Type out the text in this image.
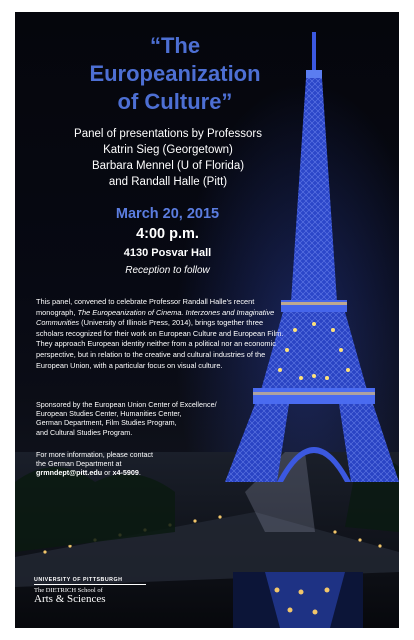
“The
Europeanization
of Culture”
Panel of presentations by Professors
Katrin Sieg (Georgetown)
Barbara Mennel (U of Florida)
and Randall Halle (Pitt)
March 20, 2015
4:00 p.m.
4130 Posvar Hall
Reception to follow
This panel, convened to celebrate Professor Randall Halle's recent monograph, The Europeanization of Cinema. Interzones and Imaginative Communities (University of Illinois Press, 2014), brings together three scholars recognized for their work on European Culture and European Film. They approach European identity neither from a political nor an economic perspective, but in relation to the creative and cultural industries of the European Union, with a particular focus on visual culture.
Sponsored by the European Union Center of Excellence/
European Studies Center, Humanities Center,
German Department, Film Studies Program,
and Cultural Studies Program.
For more information, please contact
the German Department at
grmndept@pitt.edu or x4-5909.
UNIVERSITY OF PITTSBURGH
The DIETRICH School of
Arts & Sciences
